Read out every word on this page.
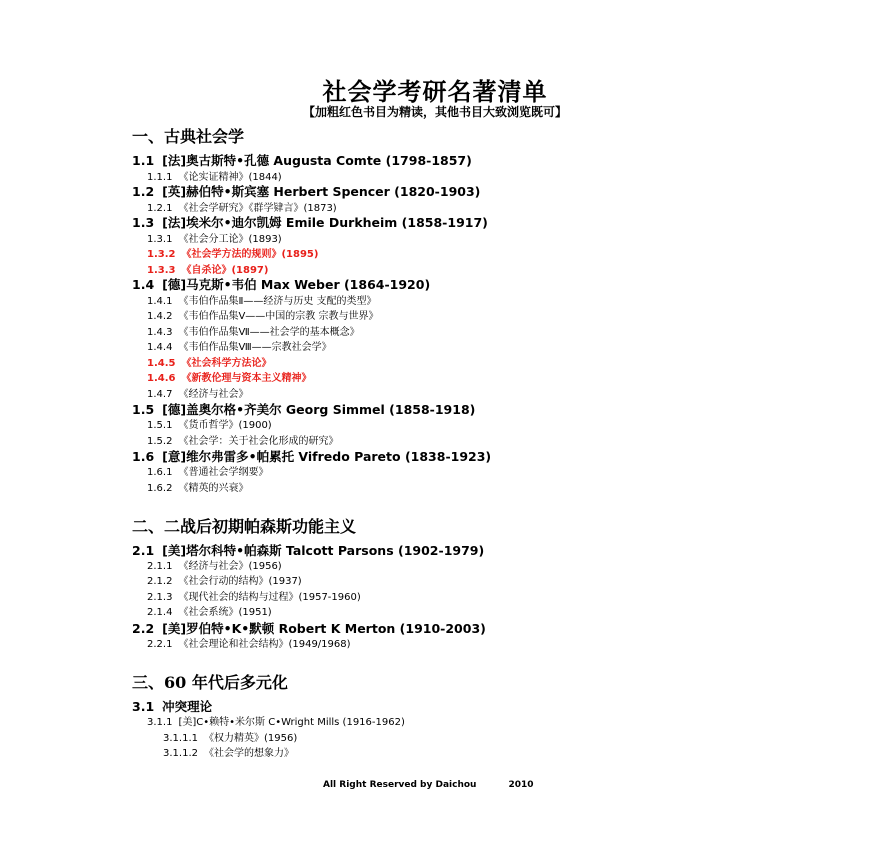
社会学考研名著清单
【加粗红色书目为精读，其他书目大致浏览既可】
一、古典社会学
1.1 [法]奥古斯特•孔德 Augusta Comte (1798-1857)
1.1.1 《论实证精神》(1844)
1.2 [英]赫伯特•斯宾塞 Herbert Spencer (1820-1903)
1.2.1 《社会学研究》《群学肄言》(1873)
1.3 [法]埃米尔•迪尔凯姆 Emile Durkheim (1858-1917)
1.3.1 《社会分工论》(1893)
1.3.2 《社会学方法的规则》(1895)
1.3.3 《自杀论》(1897)
1.4 [德]马克斯•韦伯 Max Weber (1864-1920)
1.4.1 《韦伯作品集Ⅱ——经济与历史 支配的类型》
1.4.2 《韦伯作品集Ⅴ——中国的宗教 宗教与世界》
1.4.3 《韦伯作品集Ⅶ——社会学的基本概念》
1.4.4 《韦伯作品集Ⅷ——宗教社会学》
1.4.5 《社会科学方法论》
1.4.6 《新教伦理与资本主义精神》
1.4.7 《经济与社会》
1.5 [德]盖奥尔格•齐美尔 Georg Simmel (1858-1918)
1.5.1 《货币哲学》(1900)
1.5.2 《社会学：关于社会化形成的研究》
1.6 [意]维尔弗雷多•帕累托 Vifredo Pareto (1838-1923)
1.6.1 《普通社会学纲要》
1.6.2 《精英的兴衰》
二、二战后初期帕森斯功能主义
2.1 [美]塔尔科特•帕森斯 Talcott Parsons (1902-1979)
2.1.1 《经济与社会》(1956)
2.1.2 《社会行动的结构》(1937)
2.1.3 《现代社会的结构与过程》(1957-1960)
2.1.4 《社会系统》(1951)
2.2 [美]罗伯特•K•默顿 Robert K Merton (1910-2003)
2.2.1 《社会理论和社会结构》(1949/1968)
三、60 年代后多元化
3.1 冲突理论
3.1.1 [美]C•赖特•米尔斯 C•Wright Mills (1916-1962)
3.1.1.1 《权力精英》(1956)
3.1.1.2 《社会学的想象力》
All Right Reserved by Daichou	2010
